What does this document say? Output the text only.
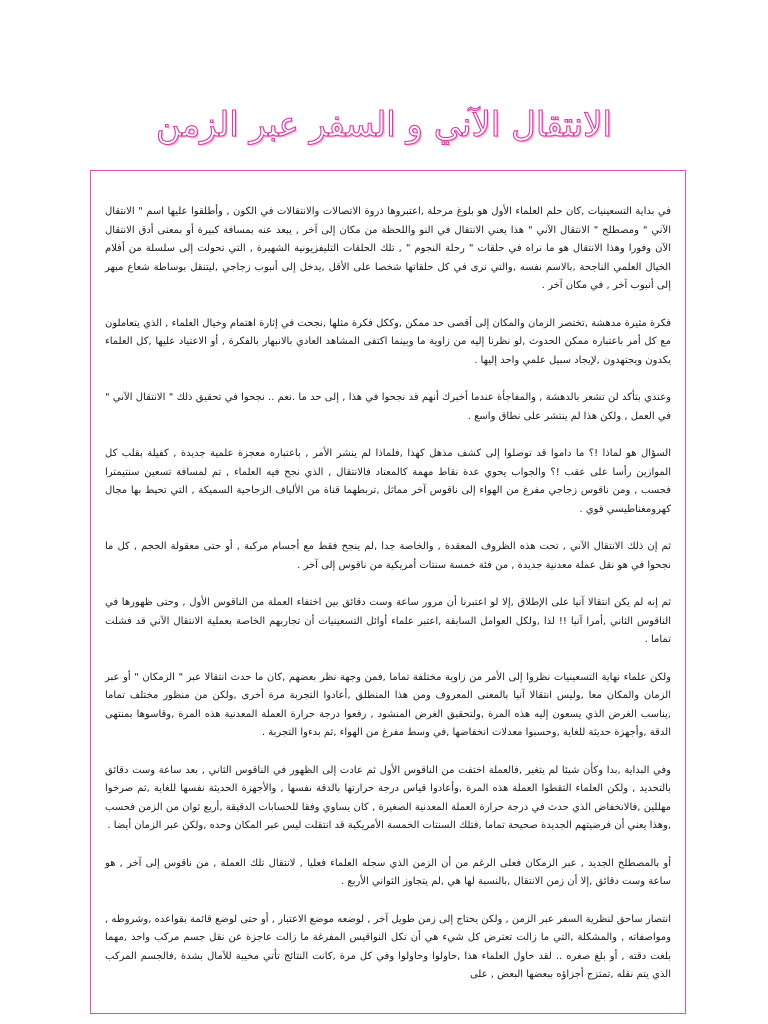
الانتقال الآني و السفر عبر الزمن

في بداية التسعينيات ,كان حلم العلماء الأول هو بلوغ مرحلة ,اعتبروها ذروة الاتصالات والانتقالات في الكون , وأطلقوا عليها اسم " الانتقال الآني " ومصطلح " الانتقال الآني " هذا يعني الانتقال في النو واللحظة من مكان إلى آخر , يبعد عنه بمسافة كبيرة أو بمعنى أدق الانتقال الآن وفورا وهذا الانتقال هو ما نراه في حلقات " رحلة النجوم " , تلك الحلقات التليفزيونية الشهيرة , التي تحولت إلى سلسلة من أفلام الخيال العلمي الناجحة ,بالاسم نفسه ,والتي نرى في كل حلقاتها شخصا على الأقل ,يدخل إلى أنبوب زجاجي ,ليتنقل بوساطة شعاع مبهر إلى أنبوب آخر , في مكان آخر .

فكرة مثيرة مدهشة ,تختصر الزمان والمكان إلى أقصى حد ممكن ,وككل فكرة مثلها ,نجحت في إثارة اهتمام وخيال العلماء , الذي يتعاملون مع كل أمر باعتباره ممكن الحدوث ,لو نظرنا إليه من زاوية ما وبينما اكتفى المشاهد العادي بالانبهار بالفكرة , أو الاعتياد عليها ,كل العلماء يكدون ويجتهدون ,لإيجاد سبيل علمي واحد إليها .

وعندي بتأكد لن تشعر بالدهشة , والمفاجأة عندما أخبرك أنهم قد نجحوا في هذا , إلى حد ما .نعم .. نجحوا في تحقيق ذلك " الانتقال الآني " في العمل , ولكن هذا لم ينتشر على نطاق واسع .

السؤال هو لماذا !؟ ما داموا قد توصلوا إلى كشف مذهل كهذا ,فلماذا لم ينشر الأمر , باعتباره معجزة علمية جديدة , كفيلة بقلب كل الموازين رأسا على عقب !؟ والجواب يحوي عدة نقاط مهمة كالمعتاد فالانتقال , الذي نجح فيه العلماء , تم لمسافة تسعين سنتيمترا فحسب , ومن ناقوس زجاجي مفرغ من الهواء إلى ناقوس آخر مماثل ,تربطهما قناة من الألياف الزجاجية السميكة , التي تحيط بها مجال كهرومغناطيسي قوي .

ثم إن ذلك الانتقال الآني , تحت هذه الظروف المعقدة , والخاصة جدا ,لم ينجح فقط مع أجسام مركبة , أو حتى معقولة الحجم , كل ما نجحوا في هو نقل عملة معدنية جديدة , من فئة خمسة سنتات أمريكية من ناقوس إلى آخر .

ثم إنه لم يكن انتقالا آنيا على الإطلاق ,إلا لو اعتبرنا أن مرور ساعة وست دقائق بين اختفاء العملة من الناقوس الأول , وحتى ظهورها في الناقوس الثاني ,أمرا آنيا !! لذا ,ولكل العوامل السابقة ,اعتبر علماء أوائل التسعينيات أن تجاربهم الخاصة بعملية الانتقال الآني قد فشلت تماما .

ولكن علماء نهاية التسعينيات نظروا إلى الأمر من زاوية مختلفة تماما ,فمن وجهة نظر بعضهم ,كان ما حدث انتقالا عبر " الزمكان " أو عبر الزمان والمكان معا ,وليس انتقالا آنيا بالمعنى المعروف ومن هذا المنطلق ,أعادوا التجربة مرة أخرى ,ولكن من منظور مختلف تماما ,يناسب الغرض الذي يسعون إليه هذه المرة ,ولتحقيق الغرض المنشود , رفعوا درجة حرارة العملة المعدنية هذه المرة ,وقاسوها بمنتهى الدقة ,وأجهزة حديثة للغاية ,وحسبوا معدلات انخفاضها ,في وسط مفرغ من الهواء ,ثم بدءوا التجربة .

وفي البداية ,بدا وكأن شيئا لم يتغير ,فالعملة اختفت من الناقوس الأول ثم عادت إلى الظهور في الناقوس الثاني , بعد ساعة وست دقائق بالتحديد , ولكن العلماء التقطوا العملة هذه المرة ,وأعادوا قياس درجة حرارتها بالدقة نفسها , والأجهزة الحديثة نفسها للغاية ,ثم صرخوا مهللين ,فالانخفاض الذي حدث في درجة حرارة العملة المعدنية الصغيرة , كان يساوي وفقا للحسابات الدقيقة ,أربع ثوان من الزمن فحسب ,وهذا يعني أن فرضيتهم الجديدة صحيحة تماما ,فتلك السنتات الخمسة الأمريكية قد انتقلت ليس عبر المكان وحده ,ولكن عبر الزمان أيضا .

أو بالمصطلح الجديد , عبر الزمكان فعلى الرغم من أن الزمن الذي سجله العلماء فعليا , لانتقال تلك العملة , من ناقوس إلى آخر , هو ساعة وست دقائق ,إلا أن زمن الانتقال ,بالنسبة لها هي ,لم يتجاوز الثواني الأربع .

انتصار ساحق لنظرية السفر عبر الزمن , ولكن يحتاج إلى زمن طويل آخر , لوضعه موضع الاعتبار , أو حتى لوضع قائمة بقواعده ,وشروطه , ومواصفاته , والمشكلة ,التي ما زالت تعترض كل شيء هي أن تكل النواقيس المفرغة ما زالت عاجزة عن نقل جسم مركب واحد ,مهما بلغت دقته , أو بلغ صغره .. لقد حاول العلماء هذا ,حاولوا وحاولوا وفي كل مرة ,كانت النتائج تأتي مخيبة للآمال بشدة ,فالجسم المركب الذي يتم نقله ,تمتزج أجزاؤه ببعضها البعض , على
